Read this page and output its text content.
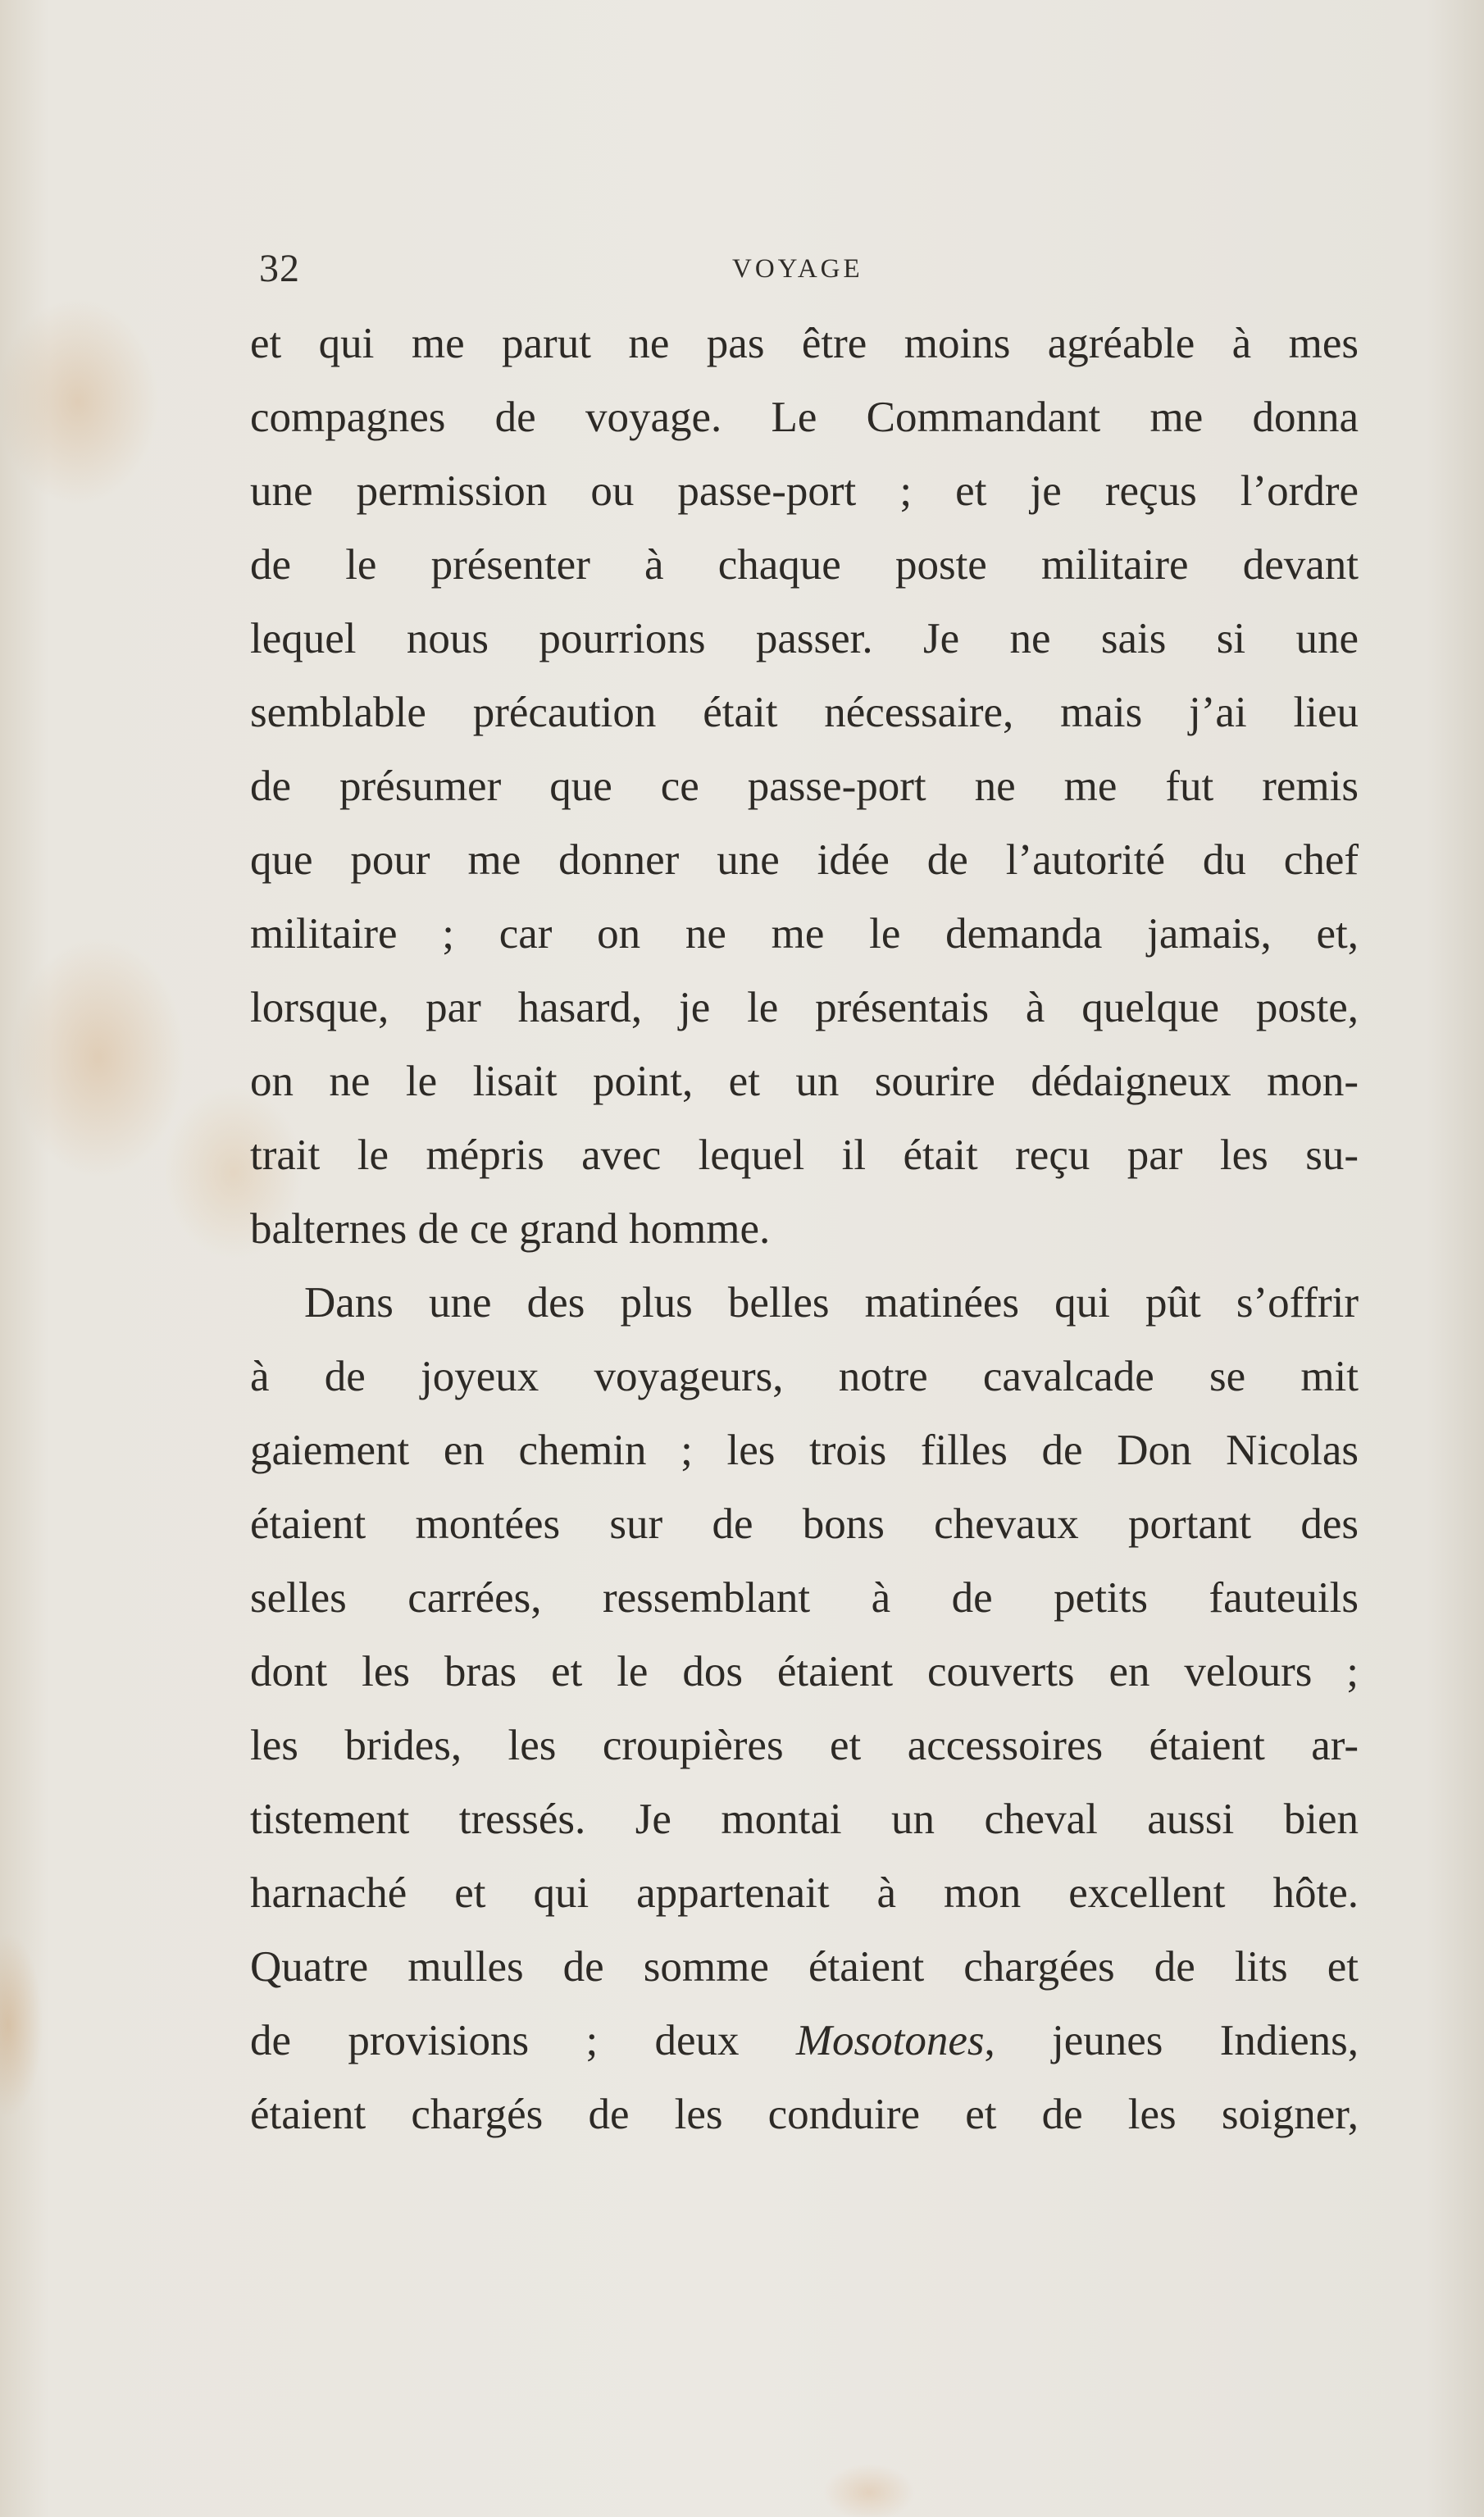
32	VOYAGE
et qui me parut ne pas être moins agréable à mes
compagnes de voyage. Le Commandant me donna
une permission ou passe-port ; et je reçus l’ordre
de le présenter à chaque poste militaire devant
lequel nous pourrions passer. Je ne sais si une
semblable précaution était nécessaire, mais j’ai lieu
de présumer que ce passe-port ne me fut remis
que pour me donner une idée de l’autorité du chef
militaire ; car on ne me le demanda jamais, et,
lorsque, par hasard, je le présentais à quelque poste,
on ne le lisait point, et un sourire dédaigneux mon-
trait le mépris avec lequel il était reçu par les su-
balternes de ce grand homme.
Dans une des plus belles matinées qui pût s’offrir
à de joyeux voyageurs, notre cavalcade se mit
gaiement en chemin ; les trois filles de Don Nicolas
étaient montées sur de bons chevaux portant des
selles carrées, ressemblant à de petits fauteuils
dont les bras et le dos étaient couverts en velours ;
les brides, les croupières et accessoires étaient ar-
tistement tressés. Je montai un cheval aussi bien
harnaché et qui appartenait à mon excellent hôte.
Quatre mulles de somme étaient chargées de lits et
de provisions ; deux Mosotones, jeunes Indiens,
étaient chargés de les conduire et de les soigner,
